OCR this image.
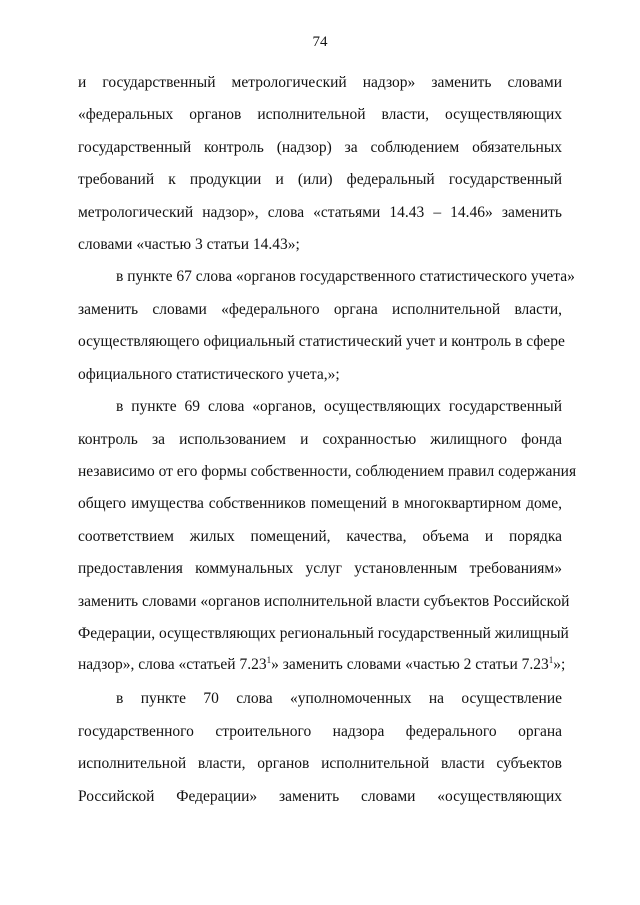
74
и государственный метрологический надзор» заменить словами
«федеральных органов исполнительной власти, осуществляющих
государственный контроль (надзор) за соблюдением обязательных
требований к продукции и (или) федеральный государственный
метрологический надзор», слова «статьями 14.43 – 14.46» заменить
словами «частью 3 статьи 14.43»;
в пункте 67 слова «органов государственного статистического учета»
заменить словами «федерального органа исполнительной власти,
осуществляющего официальный статистический учет и контроль в сфере
официального статистического учета,»;
в пункте 69 слова «органов, осуществляющих государственный
контроль за использованием и сохранностью жилищного фонда
независимо от его формы собственности, соблюдением правил содержания
общего имущества собственников помещений в многоквартирном доме,
соответствием жилых помещений, качества, объема и порядка
предоставления коммунальных услуг установленным требованиям»
заменить словами «органов исполнительной власти субъектов Российской
Федерации, осуществляющих региональный государственный жилищный
надзор», слова «статьей 7.23$^1$» заменить словами «частью 2 статьи 7.23$^1$»;
в пункте 70 слова «уполномоченных на осуществление
государственного строительного надзора федерального органа
исполнительной власти, органов исполнительной власти субъектов
Российской Федерации» заменить словами «осуществляющих
